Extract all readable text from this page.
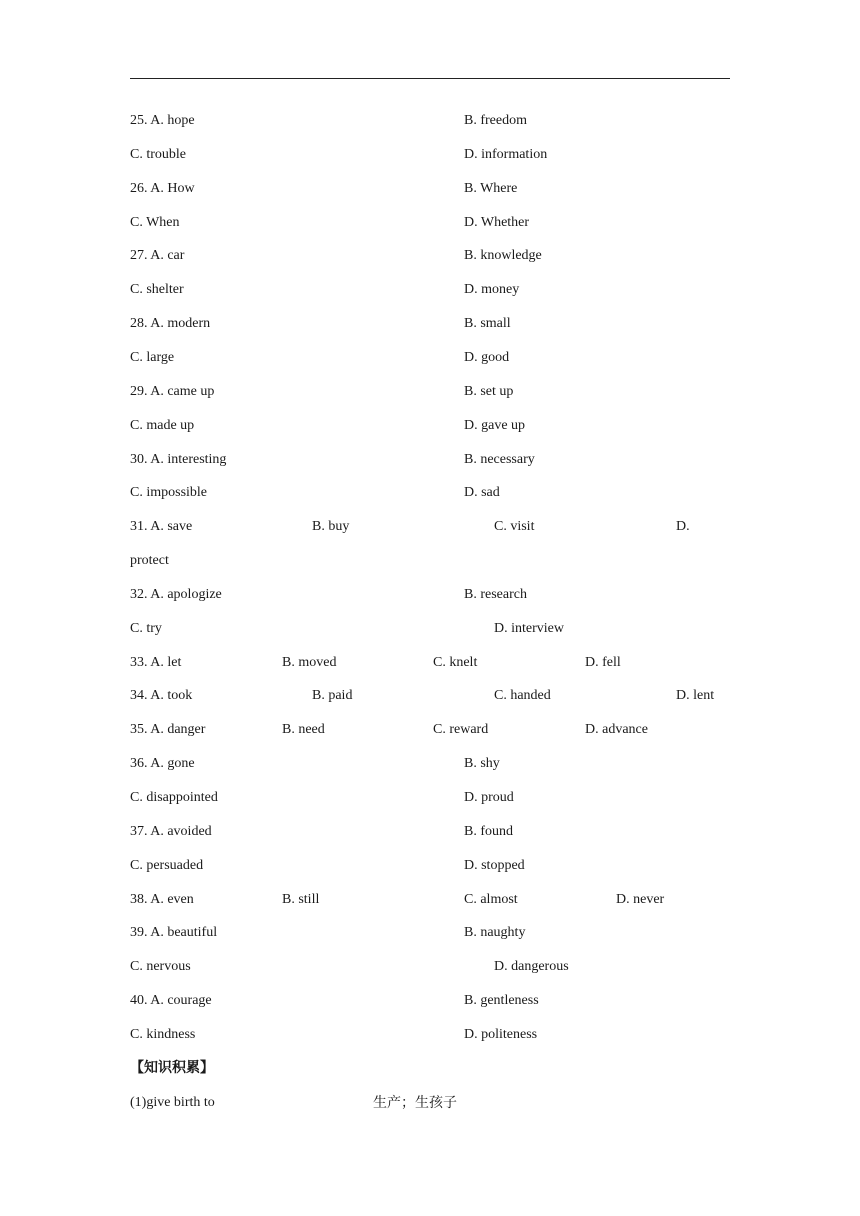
25. A. hope	B. freedom
C. trouble	D. information
26. A. How	B. Where
C. When	D. Whether
27. A. car	B. knowledge
C. shelter	D. money
28. A. modern	B. small
C. large	D. good
29. A. came up	B. set up
C. made up	D. gave up
30. A. interesting	B. necessary
C. impossible	D. sad
31. A. save	B. buy	C. visit	D.
protect
32. A. apologize	B. research
C. try	D. interview
33. A. let	B. moved	C. knelt	D. fell
34. A. took	B. paid	C. handed	D. lent
35. A. danger	B. need	C. reward	D. advance
36. A. gone	B. shy
C. disappointed	D. proud
37. A. avoided	B. found
C. persuaded	D. stopped
38. A. even	B. still	C. almost	D. never
39. A. beautiful	B. naughty
C. nervous	D. dangerous
40. A. courage	B. gentleness
C. kindness	D. politeness
【知识积累】
(1)give birth to	生产；生孩子
